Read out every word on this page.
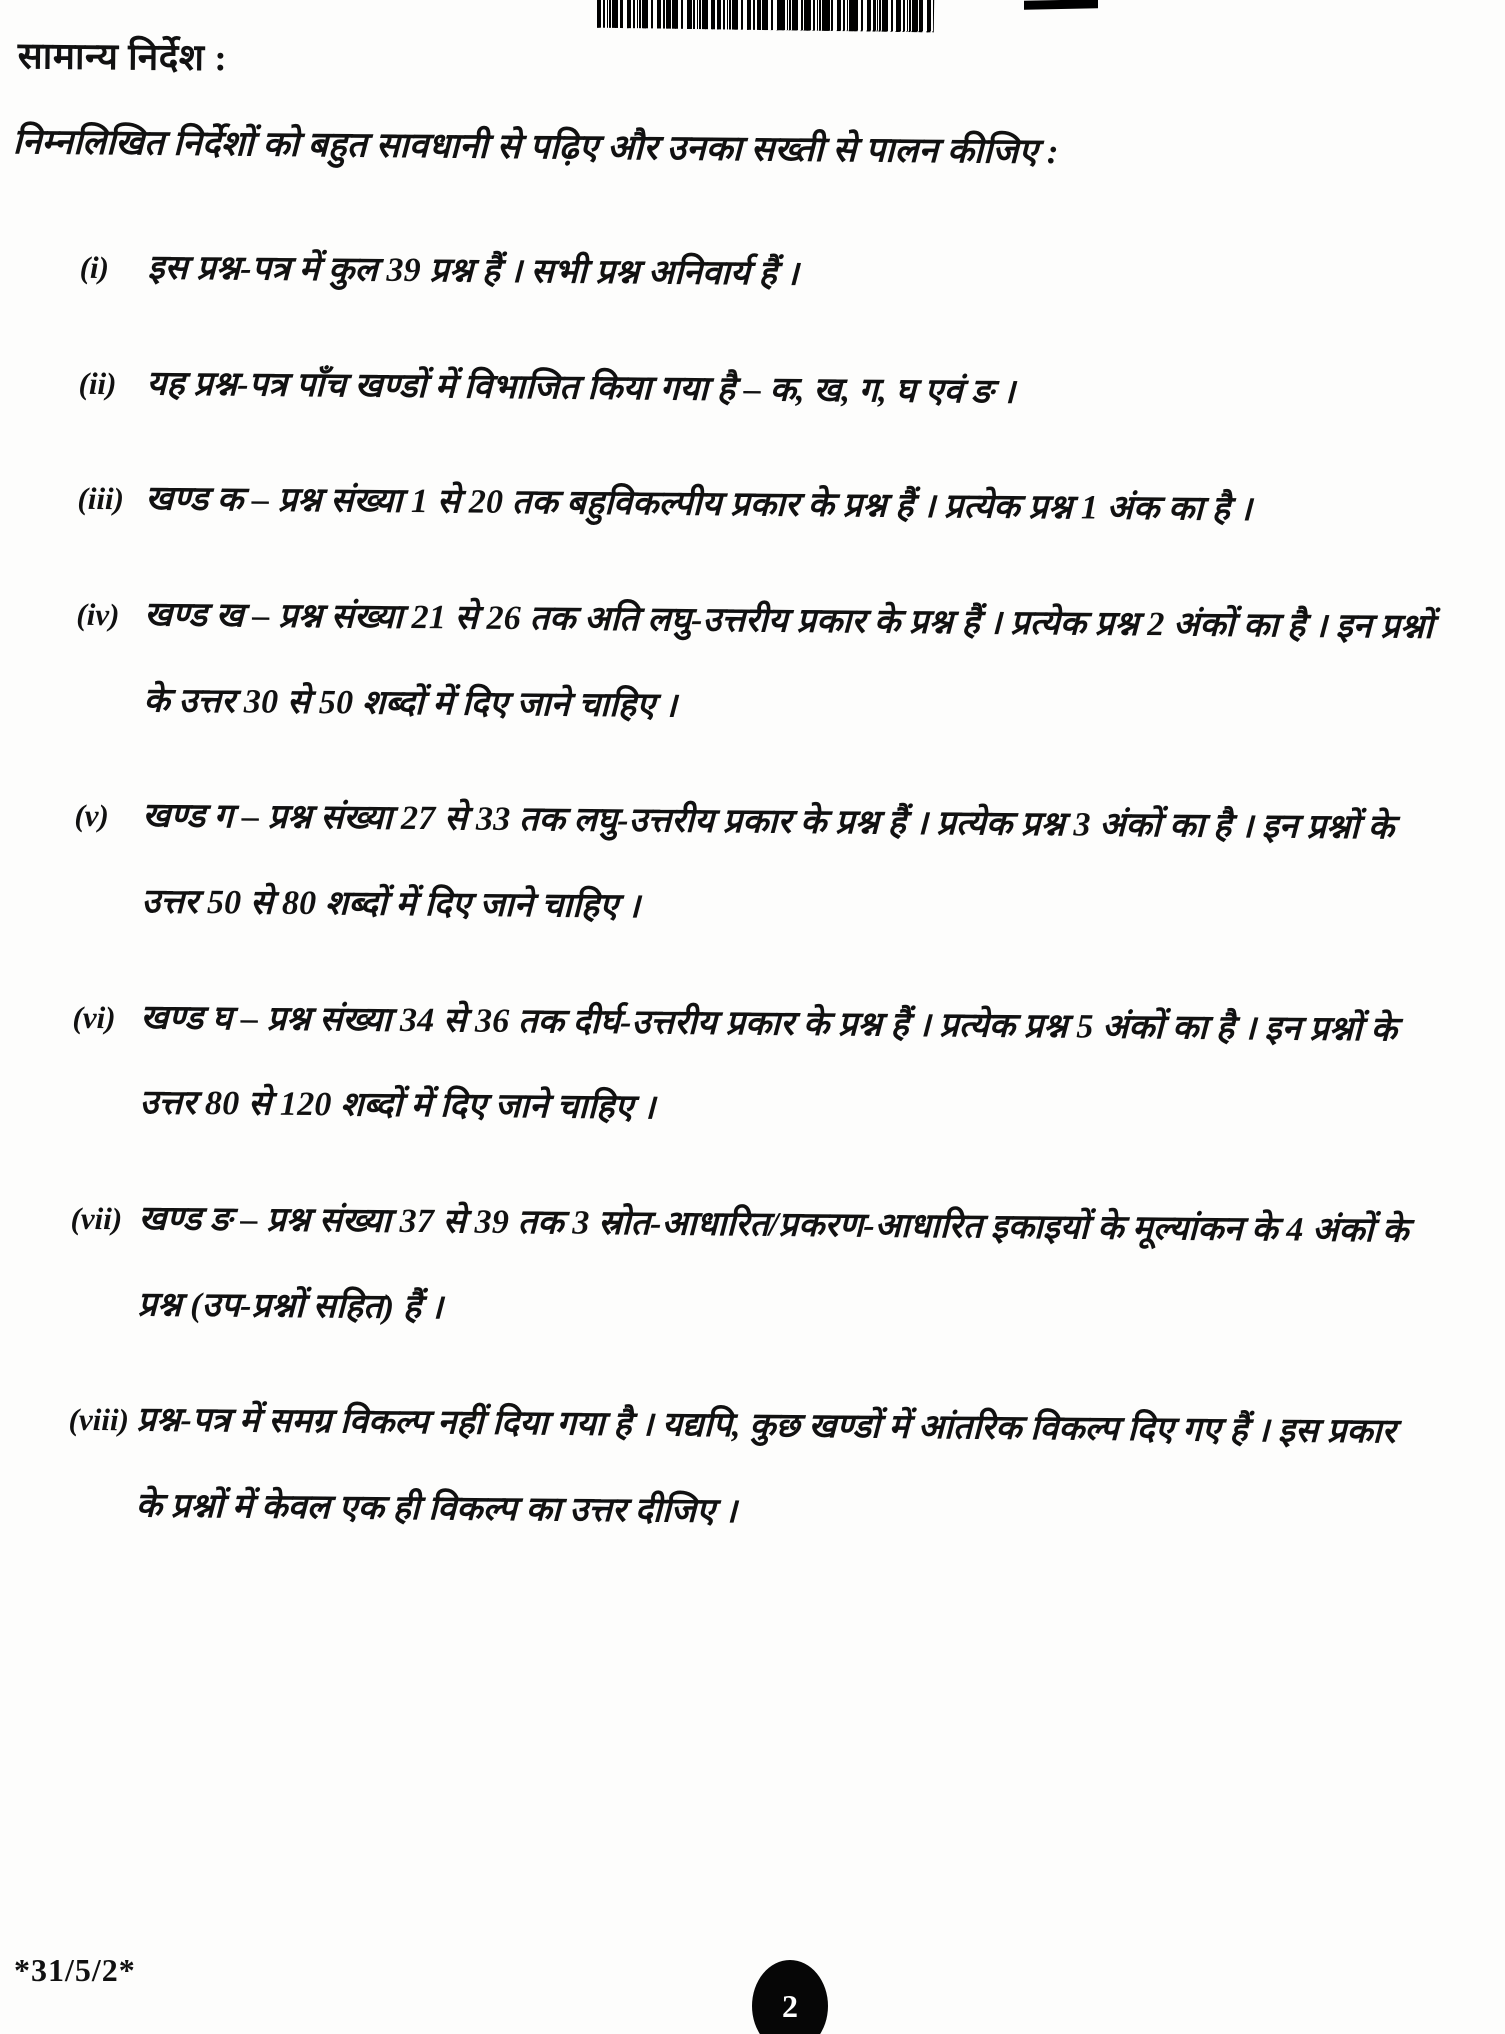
सामान्य निर्देश :
निम्नलिखित निर्देशों को बहुत सावधानी से पढ़िए और उनका सख्ती से पालन कीजिए :
(i)	इस प्रश्न-पत्र में कुल 39 प्रश्न हैं । सभी प्रश्न अनिवार्य हैं ।
(ii) यह प्रश्न-पत्र पाँच खण्डों में विभाजित किया गया है – क, ख, ग, घ एवं ङ ।
(iii) खण्ड क – प्रश्न संख्या 1 से 20 तक बहुविकल्पीय प्रकार के प्रश्न हैं । प्रत्येक प्रश्न 1 अंक का है ।
(iv) खण्ड ख – प्रश्न संख्या 21 से 26 तक अति लघु-उत्तरीय प्रकार के प्रश्न हैं । प्रत्येक प्रश्न 2 अंकों का है । इन प्रश्नों के उत्तर 30 से 50 शब्दों में दिए जाने चाहिए ।
(v) खण्ड ग – प्रश्न संख्या 27 से 33 तक लघु-उत्तरीय प्रकार के प्रश्न हैं । प्रत्येक प्रश्न 3 अंकों का है । इन प्रश्नों के उत्तर 50 से 80 शब्दों में दिए जाने चाहिए ।
(vi) खण्ड घ – प्रश्न संख्या 34 से 36 तक दीर्घ-उत्तरीय प्रकार के प्रश्न हैं । प्रत्येक प्रश्न 5 अंकों का है । इन प्रश्नों के उत्तर 80 से 120 शब्दों में दिए जाने चाहिए ।
(vii) खण्ड ङ – प्रश्न संख्या 37 से 39 तक 3 स्रोत-आधारित/प्रकरण-आधारित इकाइयों के मूल्यांकन के 4 अंकों के प्रश्न (उप-प्रश्नों सहित) हैं ।
(viii) प्रश्न-पत्र में समग्र विकल्प नहीं दिया गया है । यद्यपि, कुछ खण्डों में आंतरिक विकल्प दिए गए हैं । इस प्रकार के प्रश्नों में केवल एक ही विकल्प का उत्तर दीजिए ।
*31/5/2*
2
